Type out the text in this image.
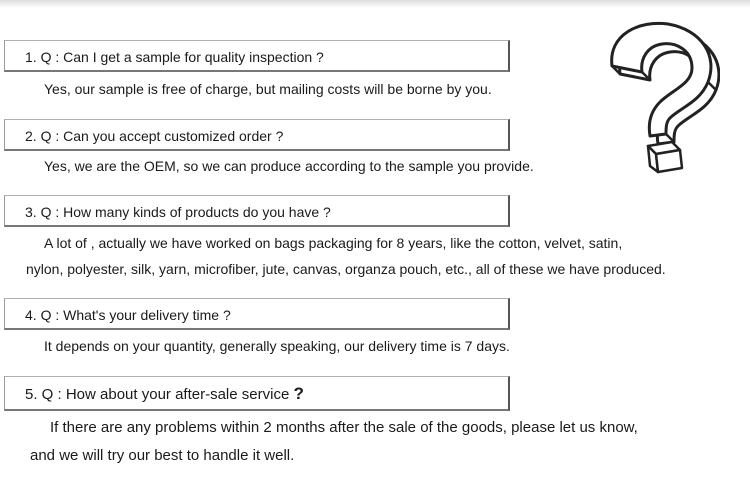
1. Q : Can I get a sample for quality inspection ?
Yes, our sample is free of charge, but mailing costs will be borne by you.
2. Q : Can you accept customized order ?
Yes, we are the OEM, so we can produce according to the sample you provide.
3. Q : How many kinds of products do you have ?
A lot of , actually we have worked on bags packaging for 8 years, like the cotton, velvet, satin,
nylon, polyester, silk, yarn, microfiber, jute, canvas, organza pouch, etc., all of these we have produced.
4. Q : What's your delivery time ?
It depends on your quantity, generally speaking, our delivery time is 7 days.
5. Q : How about your after-sale service ?
If there are any problems within 2 months after the sale of the goods, please let us know,
and we will try our best to handle it well.
